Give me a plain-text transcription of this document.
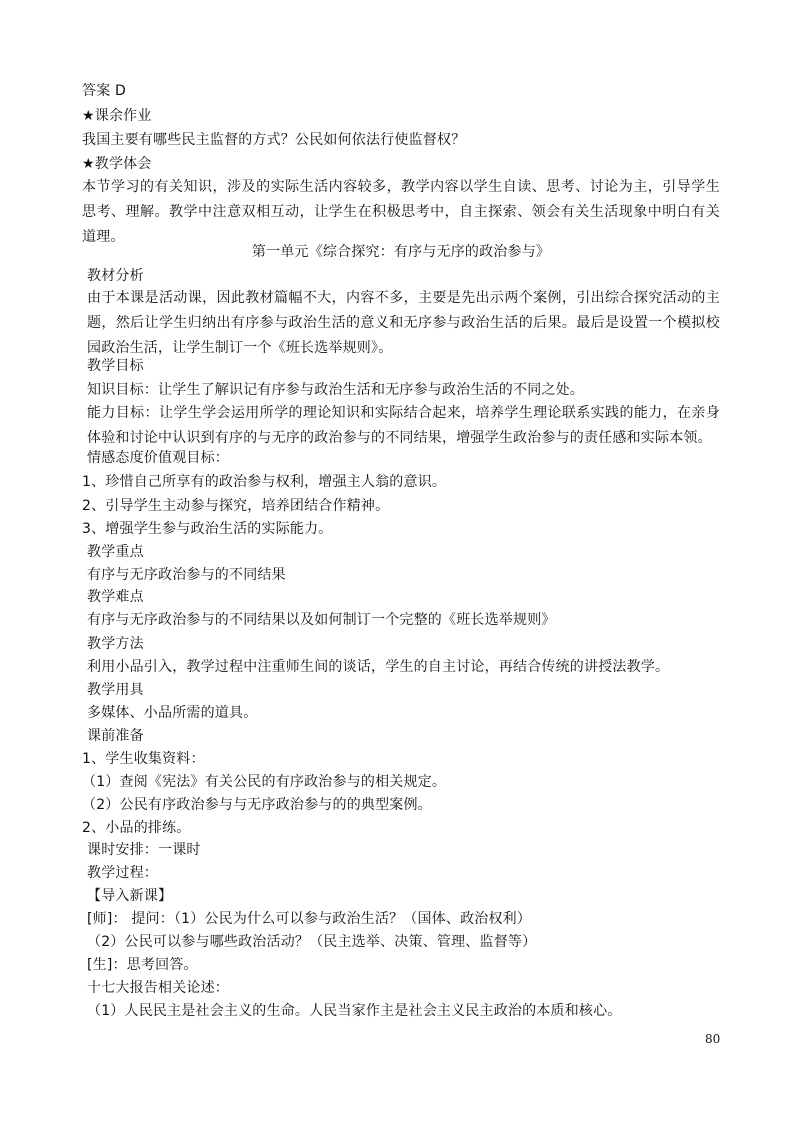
答案 D
★课余作业
我国主要有哪些民主监督的方式？公民如何依法行使监督权？
★教学体会
本节学习的有关知识，涉及的实际生活内容较多，教学内容以学生自读、思考、讨论为主，引导学生思考、理解。教学中注意双相互动，让学生在积极思考中，自主探索、领会有关生活现象中明白有关道理。
第一单元《综合探究：有序与无序的政治参与》
教材分析
由于本课是活动课，因此教材篇幅不大，内容不多，主要是先出示两个案例，引出综合探究活动的主题，然后让学生归纳出有序参与政治生活的意义和无序参与政治生活的后果。最后是设置一个模拟校园政治生活，让学生制订一个《班长选举规则》。
教学目标
知识目标：让学生了解识记有序参与政治生活和无序参与政治生活的不同之处。
能力目标：让学生学会运用所学的理论知识和实际结合起来，培养学生理论联系实践的能力，在亲身体验和讨论中认识到有序的与无序的政治参与的不同结果，增强学生政治参与的责任感和实际本领。
情感态度价值观目标：
1、珍惜自己所享有的政治参与权利，增强主人翁的意识。
2、引导学生主动参与探究，培养团结合作精神。
3、增强学生参与政治生活的实际能力。
教学重点
有序与无序政治参与的不同结果
教学难点
有序与无序政治参与的不同结果以及如何制订一个完整的《班长选举规则》
教学方法
利用小品引入，教学过程中注重师生间的谈话，学生的自主讨论，再结合传统的讲授法教学。
教学用具
多媒体、小品所需的道具。
课前准备
1、学生收集资料：
（1）查阅《宪法》有关公民的有序政治参与的相关规定。
（2）公民有序政治参与与无序政治参与的的典型案例。
2、小品的排练。
课时安排：一课时
教学过程：
【导入新课】
[师]： 提问：（1）公民为什么可以参与政治生活？（国体、政治权利）
（2）公民可以参与哪些政治活动？（民主选举、决策、管理、监督等）
[生]：思考回答。
十七大报告相关论述：
（1）人民民主是社会主义的生命。人民当家作主是社会主义民主政治的本质和核心。
80
